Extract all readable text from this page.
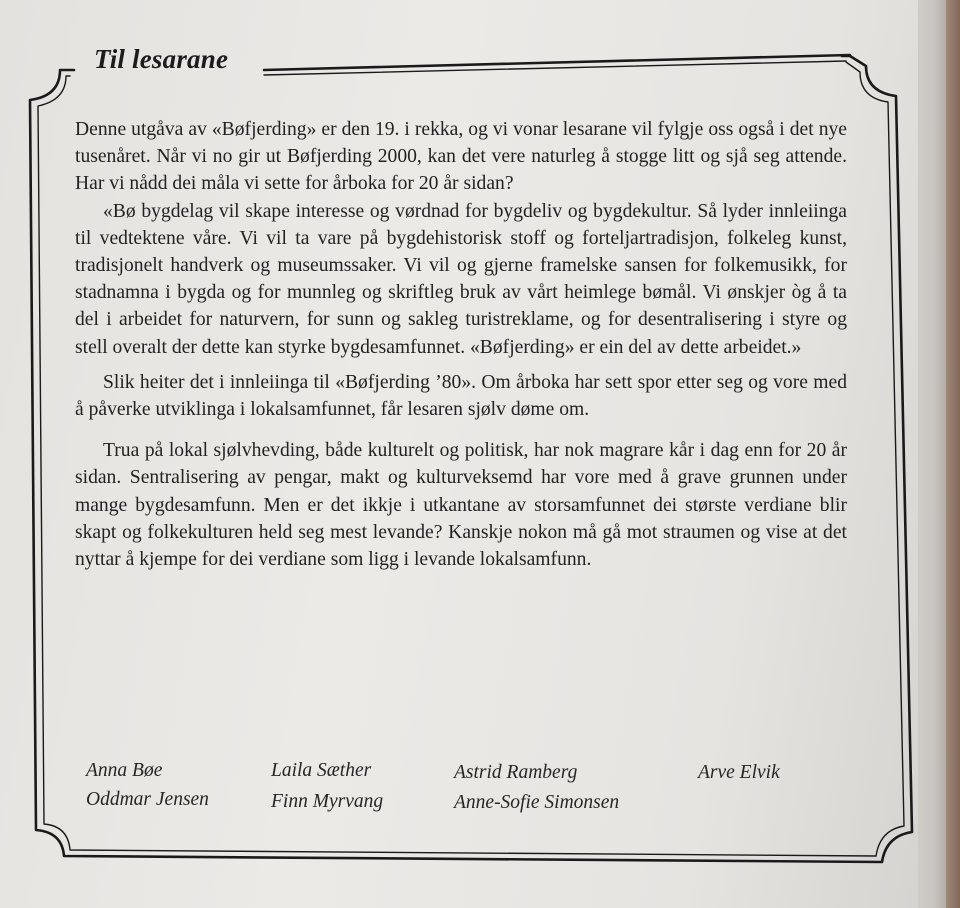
Til lesarane

Denne utgåva av «Bøfjerding» er den 19. i rekka, og vi vonar lesarane vil fylgje oss også i det nye tusenåret. Når vi no gir ut Bøfjerding 2000, kan det vere naturleg å stogge litt og sjå seg attende. Har vi nådd dei måla vi sette for årboka for 20 år sidan?

«Bø bygdelag vil skape interesse og vørdnad for bygdeliv og bygdekultur. Så lyder innleiinga til vedtektene våre. Vi vil ta vare på bygdehistorisk stoff og forteljartradisjon, folkeleg kunst, tradisjonelt handverk og museumssaker. Vi vil og gjerne framelske sansen for folkemusikk, for stadnamna i bygda og for munnleg og skriftleg bruk av vårt heimlege bømål. Vi ønskjer òg å ta del i arbeidet for naturvern, for sunn og sakleg turistreklame, og for desentralisering i styre og stell overalt der dette kan styrke bygdesamfunnet. «Bøfjerding» er ein del av dette arbeidet.»

Slik heiter det i innleiinga til «Bøfjerding ’80». Om årboka har sett spor etter seg og vore med å påverke utviklinga i lokalsamfunnet, får lesaren sjølv døme om.

Trua på lokal sjølvhevding, både kulturelt og politisk, har nok magrare kår i dag enn for 20 år sidan. Sentralisering av pengar, makt og kulturveksemd har vore med å grave grunnen under mange bygdesamfunn. Men er det ikkje i utkantane av storsamfunnet dei største verdiane blir skapt og folkekulturen held seg mest levande? Kanskje nokon må gå mot straumen og vise at det nyttar å kjempe for dei verdiane som ligg i levande lokalsamfunn.

Anna Bøe
Oddmar Jensen
Laila Sæther
Finn Myrvang
Astrid Ramberg
Anne-Sofie Simonsen
Arve Elvik
